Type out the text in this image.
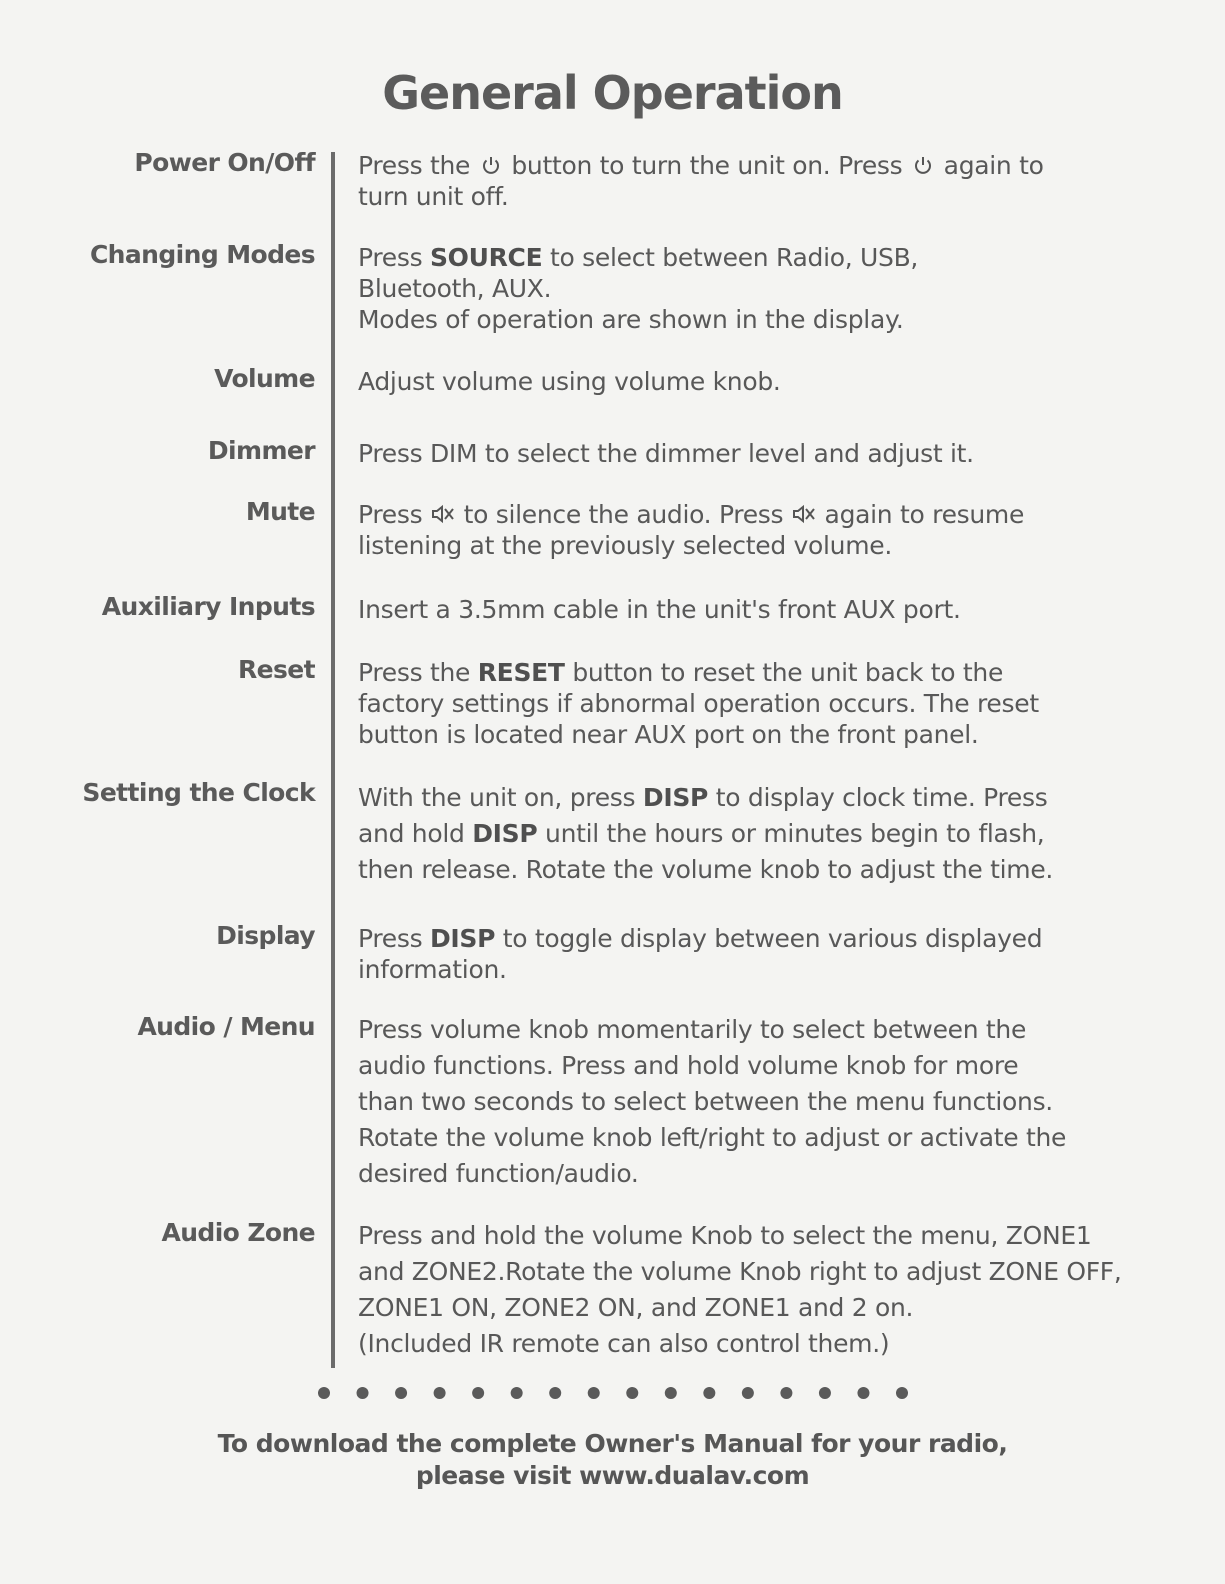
General Operation
Power On/Off Press the  button to turn the unit on. Press  again to
turn unit off.
Changing Modes Press SOURCE to select between Radio, USB,
Bluetooth, AUX.
Modes of operation are shown in the display.
Volume Adjust volume using volume knob.
Dimmer Press DIM to select the dimmer level and adjust it.
Mute Press  to silence the audio. Press  again to resume
listening at the previously selected volume.
Auxiliary Inputs Insert a 3.5mm cable in the unit's front AUX port.
Reset Press the RESET button to reset the unit back to the
factory settings if abnormal operation occurs. The reset
button is located near AUX port on the front panel.
Setting the Clock With the unit on, press DISP to display clock time. Press
and hold DISP until the hours or minutes begin to flash,
then release. Rotate the volume knob to adjust the time.
Display Press DISP to toggle display between various displayed
information.
Audio / Menu Press volume knob momentarily to select between the
audio functions. Press and hold volume knob for more
than two seconds to select between the menu functions.
Rotate the volume knob left/right to adjust or activate the
desired function/audio.
Audio Zone Press and hold the volume Knob to select the menu, ZONE1
and ZONE2.Rotate the volume Knob right to adjust ZONE OFF,
ZONE1 ON, ZONE2 ON, and ZONE1 and 2 on.
(Included IR remote can also control them.)
To download the complete Owner's Manual for your radio,
please visit www.dualav.com
